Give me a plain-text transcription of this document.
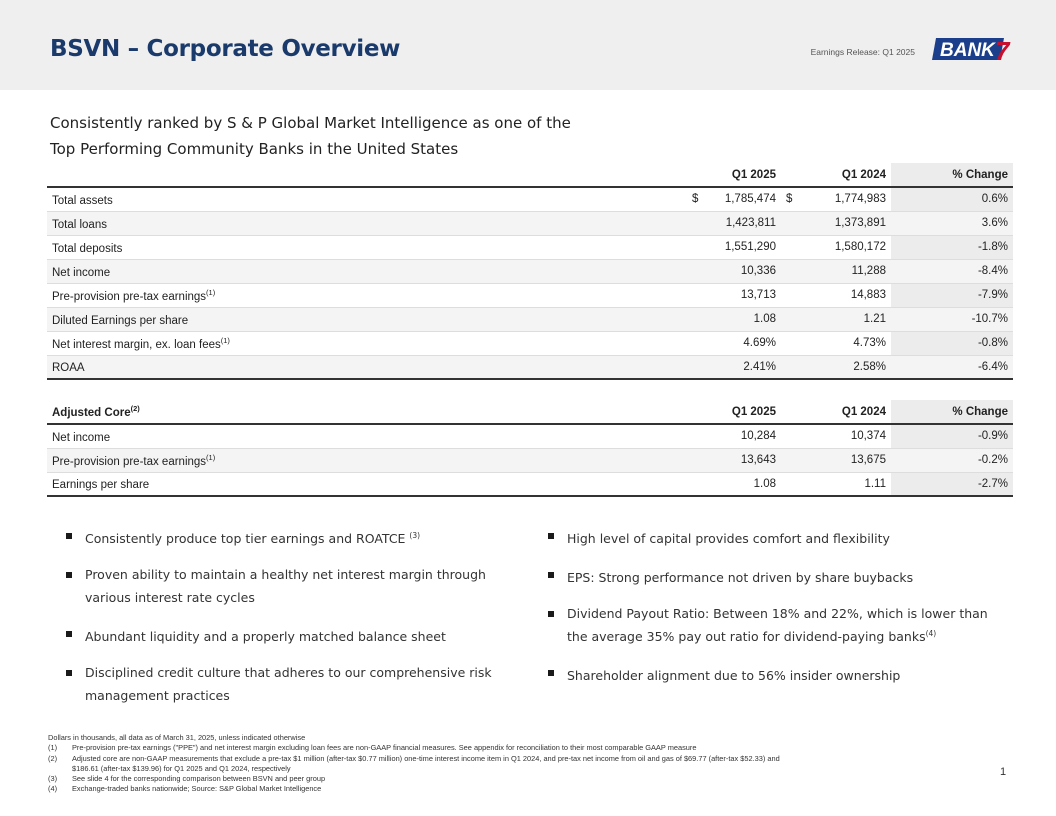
BSVN – Corporate Overview	Earnings Release: Q1 2025 BANK 7
Consistently ranked by S & P Global Market Intelligence as one of the
Top Performing Community Banks in the United States
		Q1 2025		Q1 2024	% Change
Total assets	$	1,785,474	$	1,774,983	0.6%
Total loans		1,423,811		1,373,891	3.6%
Total deposits		1,551,290		1,580,172	-1.8%
Net income		10,336		11,288	-8.4%
Pre-provision pre-tax earnings$^{(1)}$		13,713		14,883	-7.9%
Diluted Earnings per share		1.08		1.21	-10.7%
Net interest margin, ex. loan fees$^{(1)}$		4.69%		4.73%	-0.8%
ROAA		2.41%		2.58%	-6.4%
Adjusted Core$^{(2)}$		Q1 2025		Q1 2024	% Change
Net income		10,284		10,374	-0.9%
Pre-provision pre-tax earnings$^{(1)}$		13,643		13,675	-0.2%
Earnings per share		1.08		1.11	-2.7%
Consistently produce top tier earnings and ROATCE $^{(3)}$
Proven ability to maintain a healthy net interest margin through various interest rate cycles
Abundant liquidity and a properly matched balance sheet
Disciplined credit culture that adheres to our comprehensive risk management practices
High level of capital provides comfort and flexibility
EPS: Strong performance not driven by share buybacks
Dividend Payout Ratio: Between 18% and 22%, which is lower than the average 35% pay out ratio for dividend-paying banks$^{(4)}$
Shareholder alignment due to 56% insider ownership
Dollars in thousands, all data as of March 31, 2025, unless indicated otherwise
(1) Pre-provision pre-tax earnings ("PPE") and net interest margin excluding loan fees are non-GAAP financial measures. See appendix for reconciliation to their most comparable GAAP measure
(2) Adjusted core are non-GAAP measurements that exclude a pre-tax $1 million (after-tax $0.77 million) one-time interest income item in Q1 2024, and pre-tax net income from oil and gas of $69.77 (after-tax $52.33) and
$186.61 (after-tax $139.96) for Q1 2025 and Q1 2024, respectively
(3) See slide 4 for the corresponding comparison between BSVN and peer group
(4) Exchange-traded banks nationwide; Source: S&P Global Market Intelligence
1
